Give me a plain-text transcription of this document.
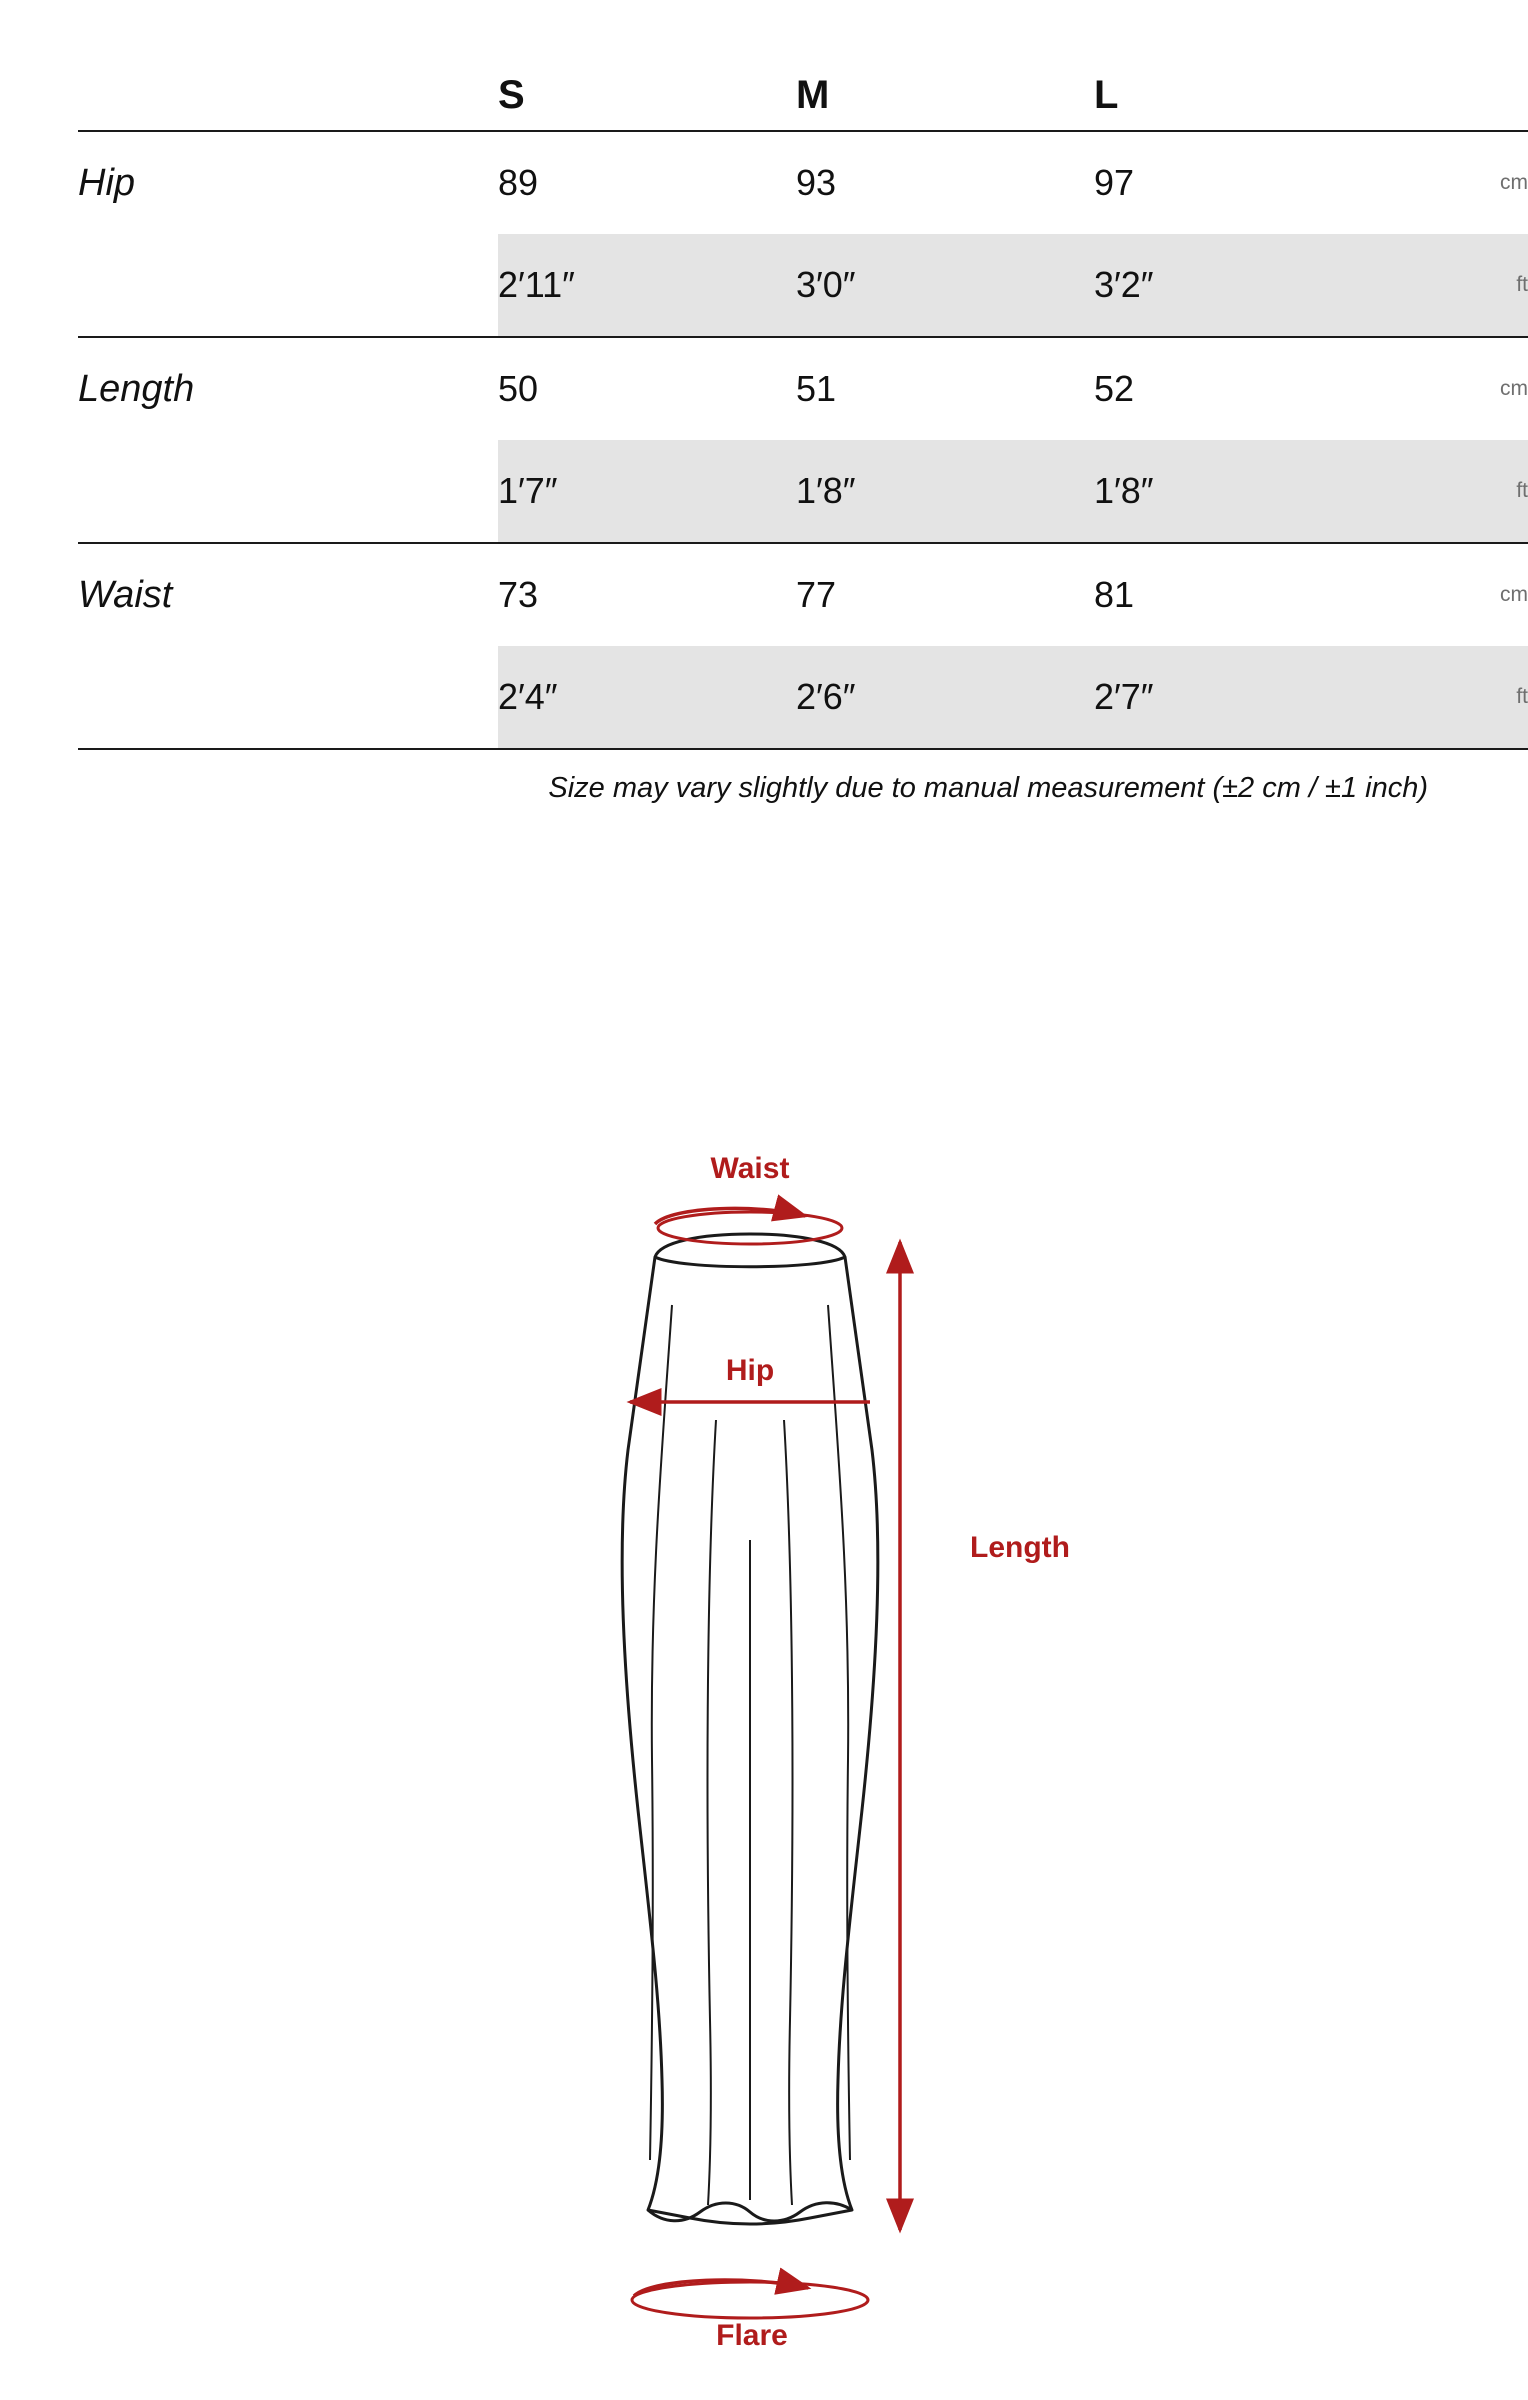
	S	M	L	
Hip	89	93	97	cm
	2′11″	3′0″	3′2″	ft
Length	50	51	52	cm
	1′7″	1′8″	1′8″	ft
Waist	73	77	81	cm
	2′4″	2′6″	2′7″	ft
Size may vary slightly due to manual measurement (±2 cm / ±1 inch)
Waist
Hip
Length
Flare
